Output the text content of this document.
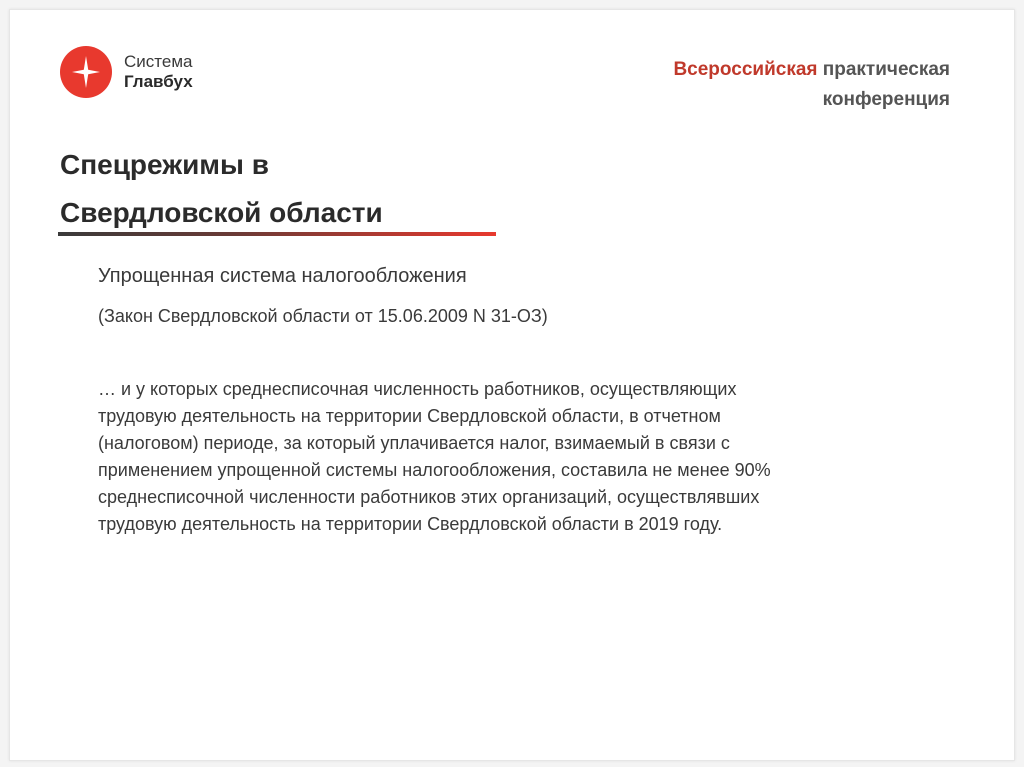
Система
Главбух
Всероссийская практическая
конференция
Спецрежимы в
Свердловской области
Упрощенная система налогообложения
(Закон Свердловской области от 15.06.2009 N 31-ОЗ)
… и у которых среднесписочная численность работников, осуществляющих
трудовую деятельность на территории Свердловской области, в отчетном
(налоговом) периоде, за который уплачивается налог, взимаемый в связи с
применением упрощенной системы налогообложения, составила не менее 90%
среднесписочной численности работников этих организаций, осуществлявших
трудовую деятельность на территории Свердловской области в 2019 году.
